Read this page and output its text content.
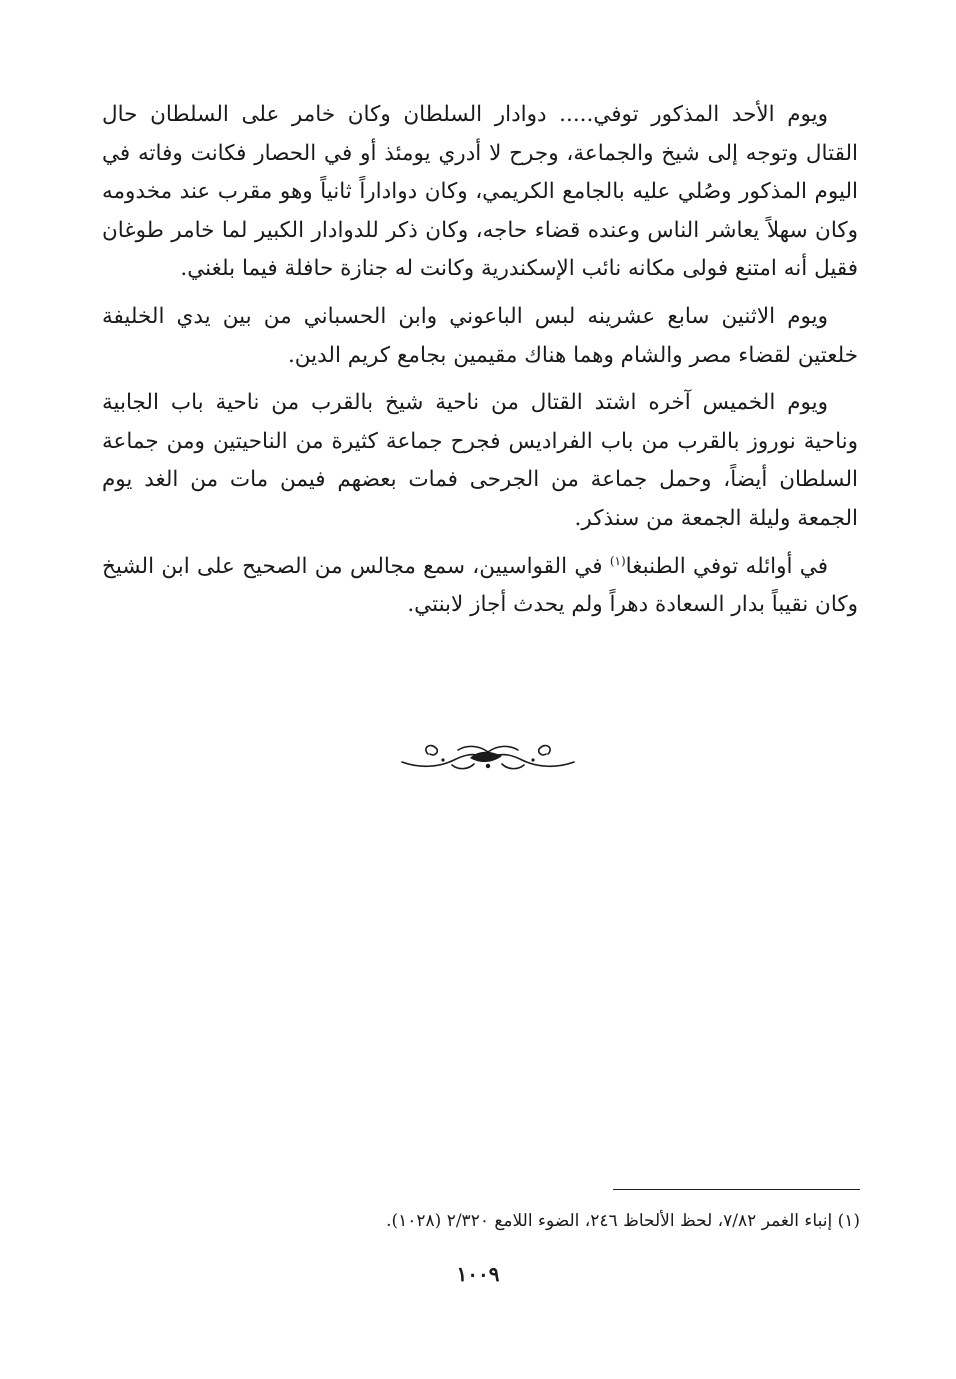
ويوم الأحد المذكور توفي..... دوادار السلطان وكان خامر على السلطان حال القتال وتوجه إلى شيخ والجماعة، وجرح لا أدري يومئذ أو في الحصار فكانت وفاته في اليوم المذكور وصُلي عليه بالجامع الكريمي، وكان دواداراً ثانياً وهو مقرب عند مخدومه وكان سهلاً يعاشر الناس وعنده قضاء حاجه، وكان ذكر للدوادار الكبير لما خامر طوغان فقيل أنه امتنع فولى مكانه نائب الإسكندرية وكانت له جنازة حافلة فيما بلغني.

ويوم الاثنين سابع عشرينه لبس الباعوني وابن الحسباني من بين يدي الخليفة خلعتين لقضاء مصر والشام وهما هناك مقيمين بجامع كريم الدين.

ويوم الخميس آخره اشتد القتال من ناحية شيخ بالقرب من ناحية باب الجابية وناحية نوروز بالقرب من باب الفراديس فجرح جماعة كثيرة من الناحيتين ومن جماعة السلطان أيضاً، وحمل جماعة من الجرحى فمات بعضهم فيمن مات من الغد يوم الجمعة وليلة الجمعة من سنذكر.

في أوائله توفي الطنبغا$^{(١)}$ في القواسيين، سمع مجالس من الصحيح على ابن الشيخ وكان نقيباً بدار السعادة دهراً ولم يحدث أجاز لابنتي.

(١) إنباء الغمر ٧/٨٢، لحظ الألحاظ ٢٤٦، الضوء اللامع ٢/٣٢٠ (١٠٢٨).
١٠٠٩
